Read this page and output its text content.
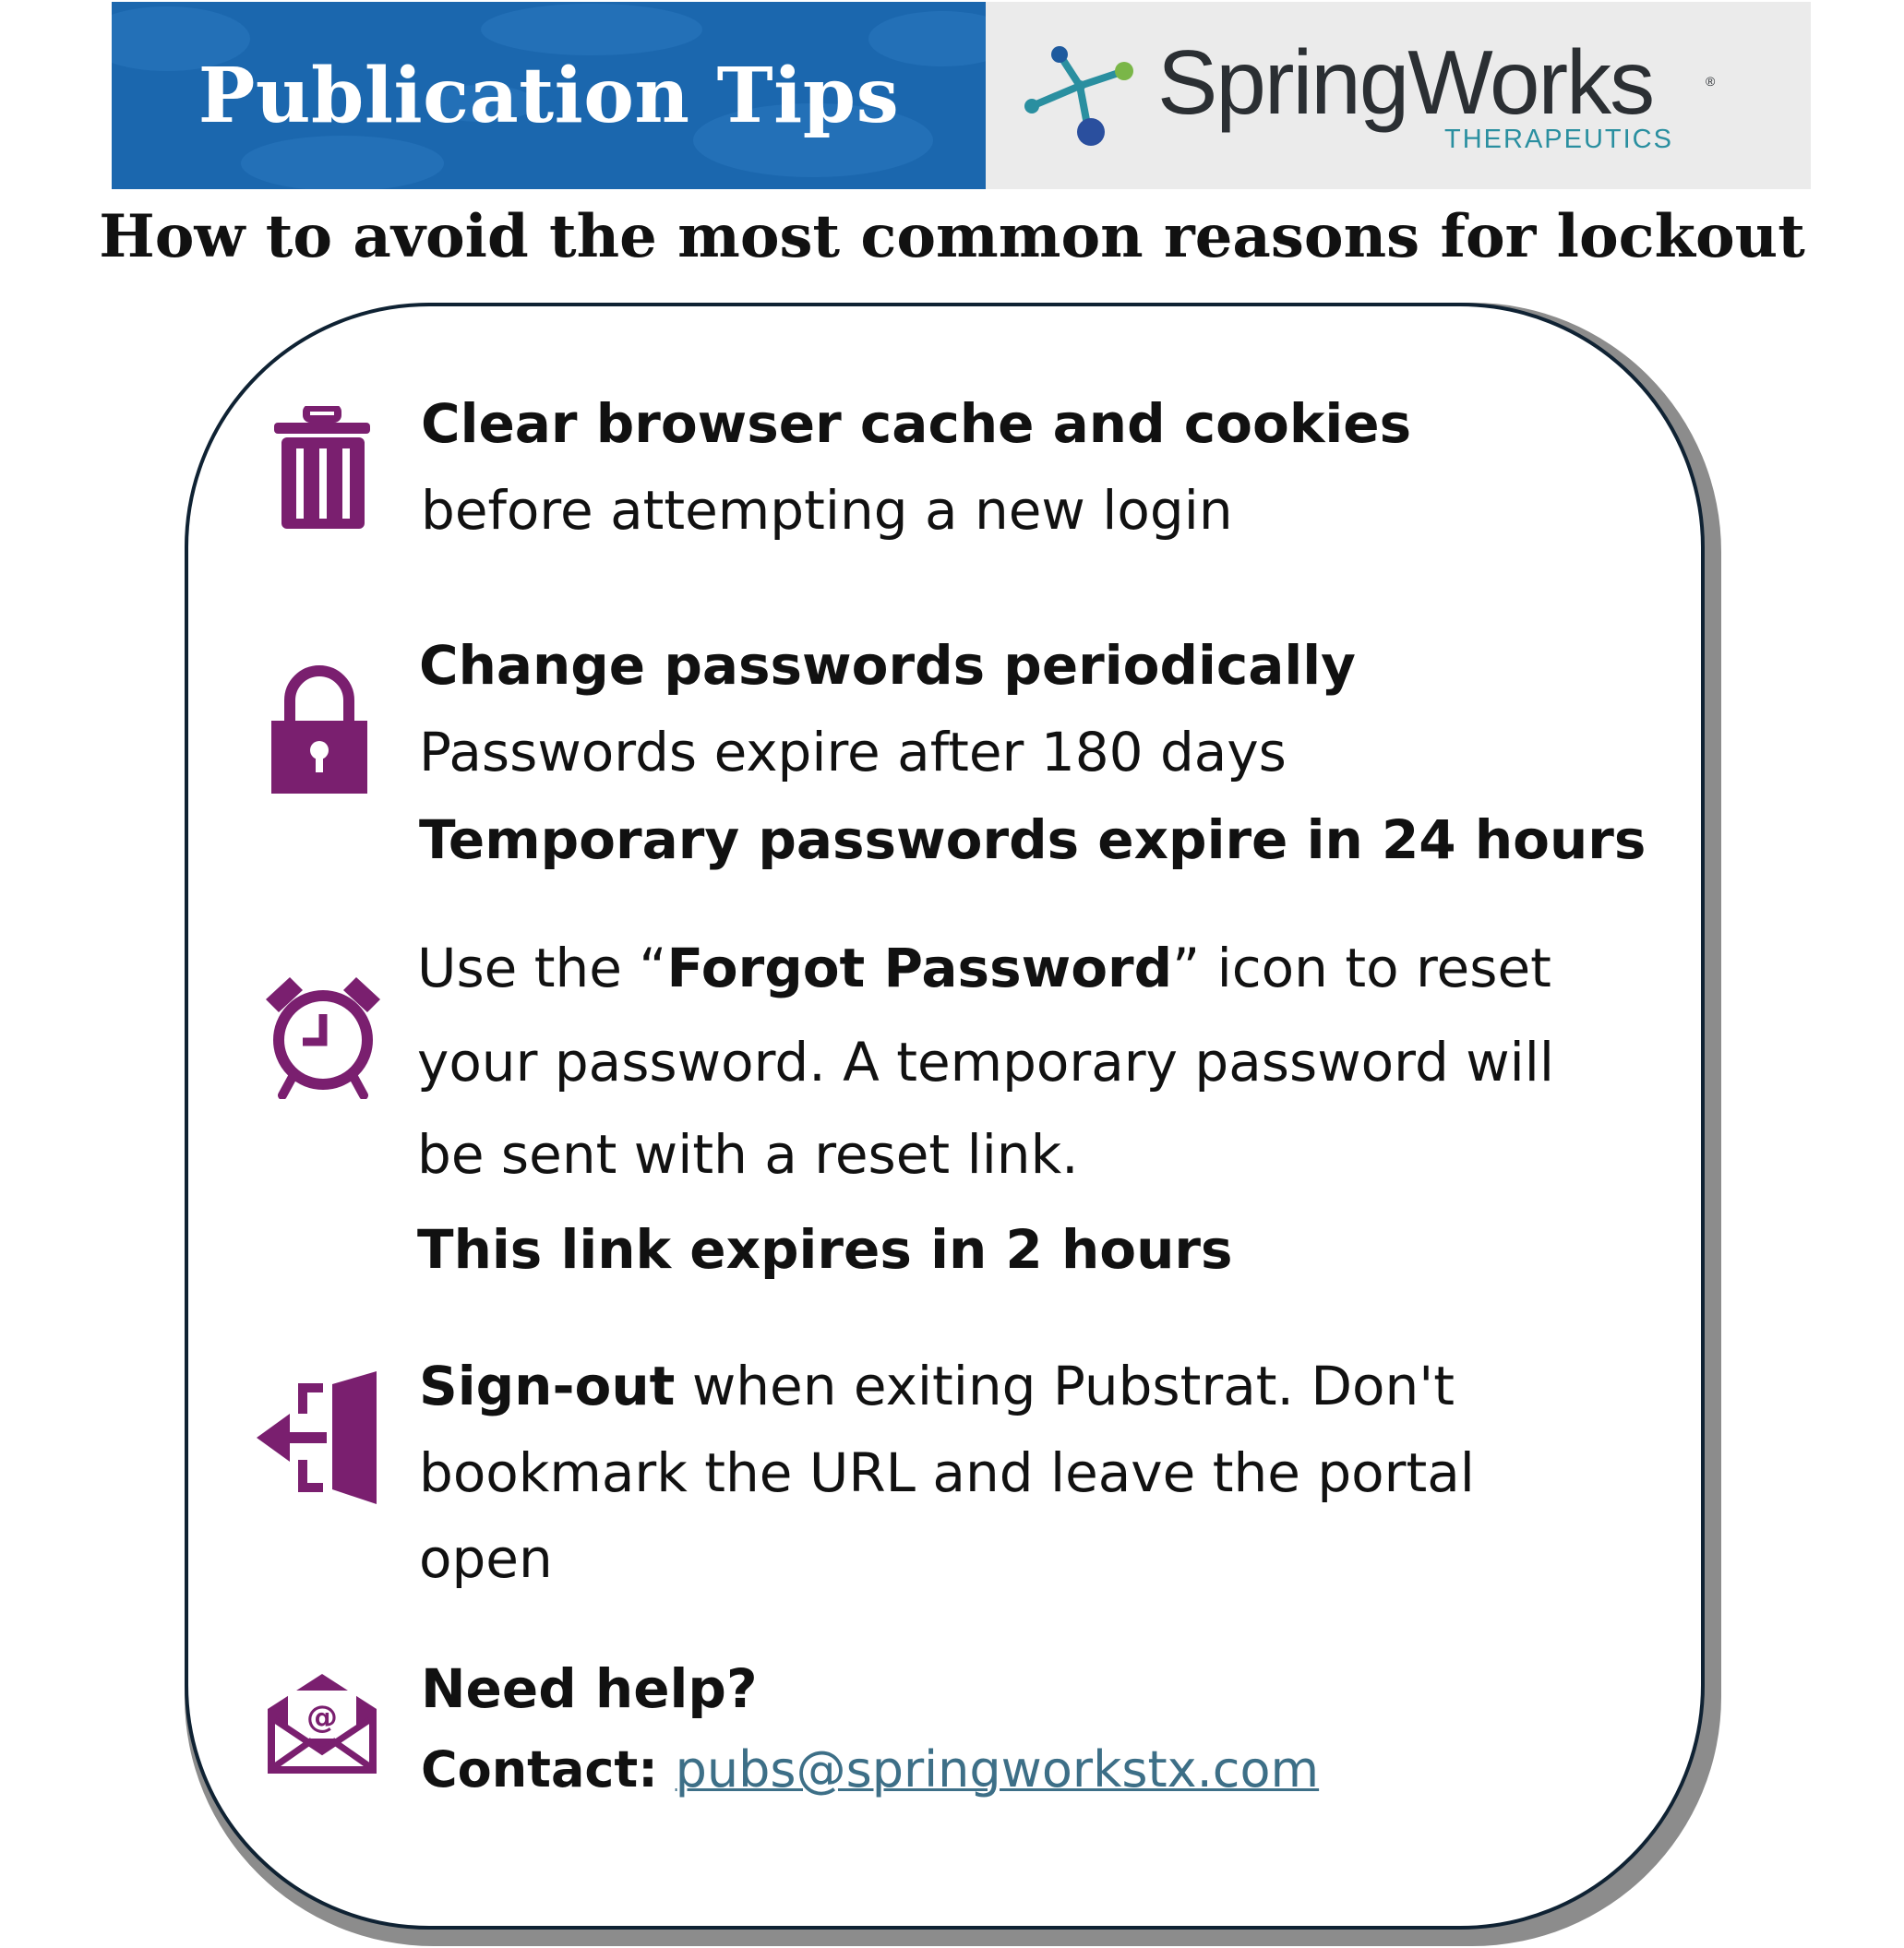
Publication Tips	SpringWorks	®
THERAPEUTICS
How to avoid the most common reasons for lockout
Clear browser cache and cookies
before attempting a new login
Change passwords periodically
Passwords expire after 180 days
Temporary passwords expire in 24 hours
Use the “Forgot Password” icon to reset
your password. A temporary password will
be sent with a reset link.
This link expires in 2 hours
Sign-out when exiting Pubstrat. Don't
bookmark the URL and leave the portal
open
@ Need help?
Contact: pubs@springworkstx.com
